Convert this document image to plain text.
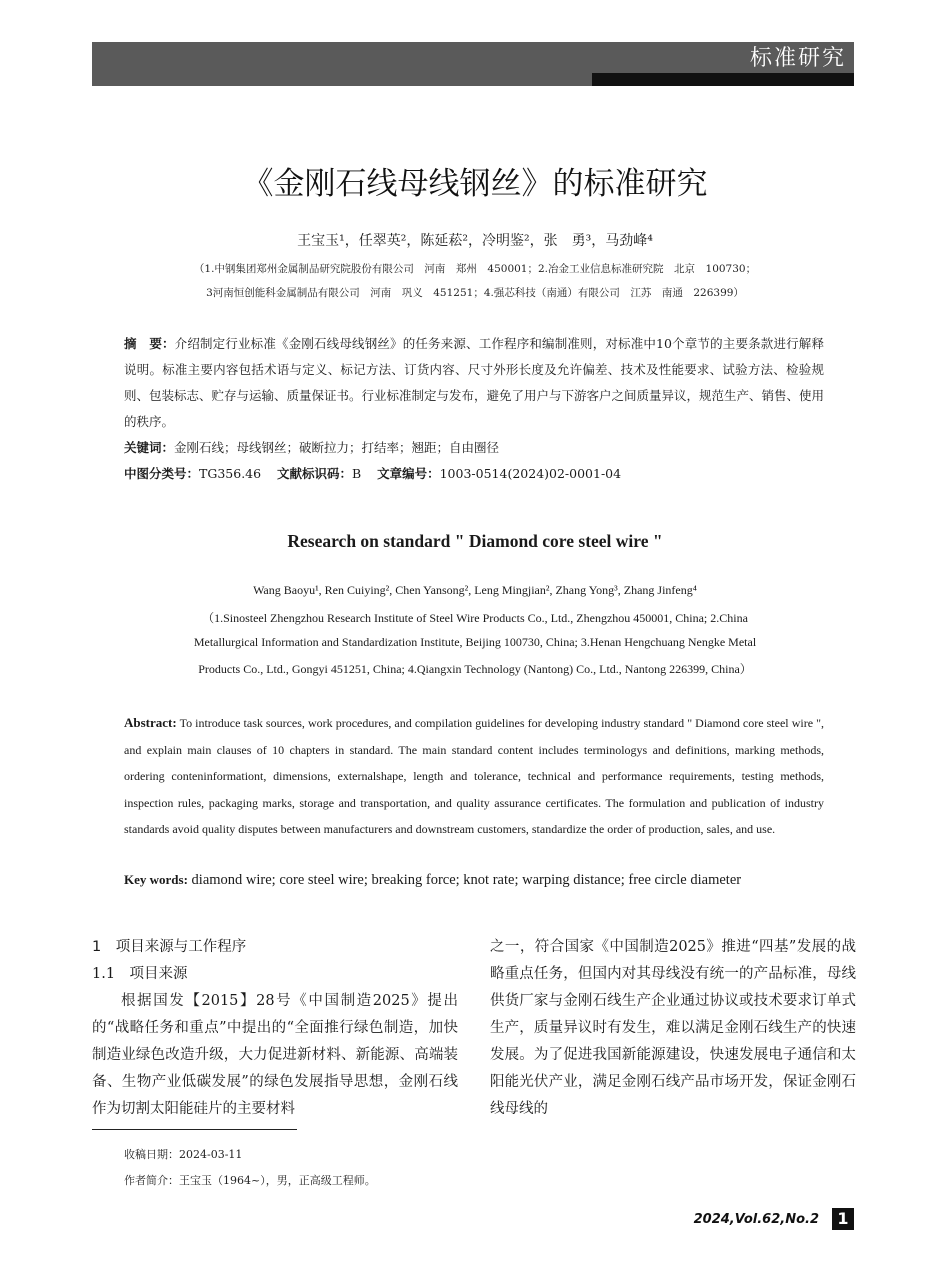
标准研究
《金刚石线母线钢丝》的标准研究
王宝玉¹，任翠英²，陈延菘²，冷明鉴²，张　勇³，马劲峰⁴
（1.中钢集团郑州金属制品研究院股份有限公司　河南　郑州　450001；2.冶金工业信息标准研究院　北京　100730；
3河南恒创能科金属制品有限公司　河南　巩义　451251；4.强芯科技（南通）有限公司　江苏　南通　226399）
摘　要：介绍制定行业标准《金刚石线母线钢丝》的任务来源、工作程序和编制准则，对标准中10个章节的主要条款进行解释说明。标准主要内容包括术语与定义、标记方法、订货内容、尺寸外形长度及允许偏差、技术及性能要求、试验方法、检验规则、包装标志、贮存与运输、质量保证书。行业标准制定与发布，避免了用户与下游客户之间质量异议，规范生产、销售、使用的秩序。
关键词：金刚石线；母线钢丝；破断拉力；打结率；翘距；自由圈径
中图分类号：TG356.46 文献标识码：B 文章编号：1003-0514(2024)02-0001-04
Research on standard " Diamond core steel wire "
Wang Baoyu¹, Ren Cuiying², Chen Yansong², Leng Mingjian², Zhang Yong³, Zhang Jinfeng⁴
（1.Sinosteel Zhengzhou Research Institute of Steel Wire Products Co., Ltd., Zhengzhou 450001, China; 2.China
Metallurgical Information and Standardization Institute, Beijing 100730, China; 3.Henan Hengchuang Nengke Metal
Products Co., Ltd., Gongyi 451251, China; 4.Qiangxin Technology (Nantong) Co., Ltd., Nantong 226399, China）
Abstract: To introduce task sources, work procedures, and compilation guidelines for developing industry standard " Diamond core steel wire ", and explain main clauses of 10 chapters in standard. The main standard content includes terminologys and definitions, marking methods, ordering conteninformationt, dimensions, externalshape, length and tolerance, technical and performance requirements, testing methods, inspection rules, packaging marks, storage and transportation, and quality assurance certificates. The formulation and publication of industry standards avoid quality disputes between manufacturers and downstream customers, standardize the order of production, sales, and use.
Key words: diamond wire; core steel wire; breaking force; knot rate; warping distance; free circle diameter
1　项目来源与工作程序
1.1　项目来源

根据国发【2015】28号《中国制造2025》提出的“战略任务和重点”中提出的“全面推行绿色制造，加快制造业绿色改造升级，大力促进新材料、新能源、高端装备、生物产业低碳发展”的绿色发展指导思想，金刚石线作为切割太阳能硅片的主要材料

之一，符合国家《中国制造2025》推进“四基”发展的战略重点任务，但国内对其母线没有统一的产品标准，母线供货厂家与金刚石线生产企业通过协议或技术要求订单式生产，质量异议时有发生，难以满足金刚石线生产的快速发展。为了促进我国新能源建设，快速发展电子通信和太阳能光伏产业，满足金刚石线产品市场开发，保证金刚石线母线的

收稿日期：2024-03-11
作者简介：王宝玉（1964~），男，正高级工程师。
2024,Vol.62,No.2	1
